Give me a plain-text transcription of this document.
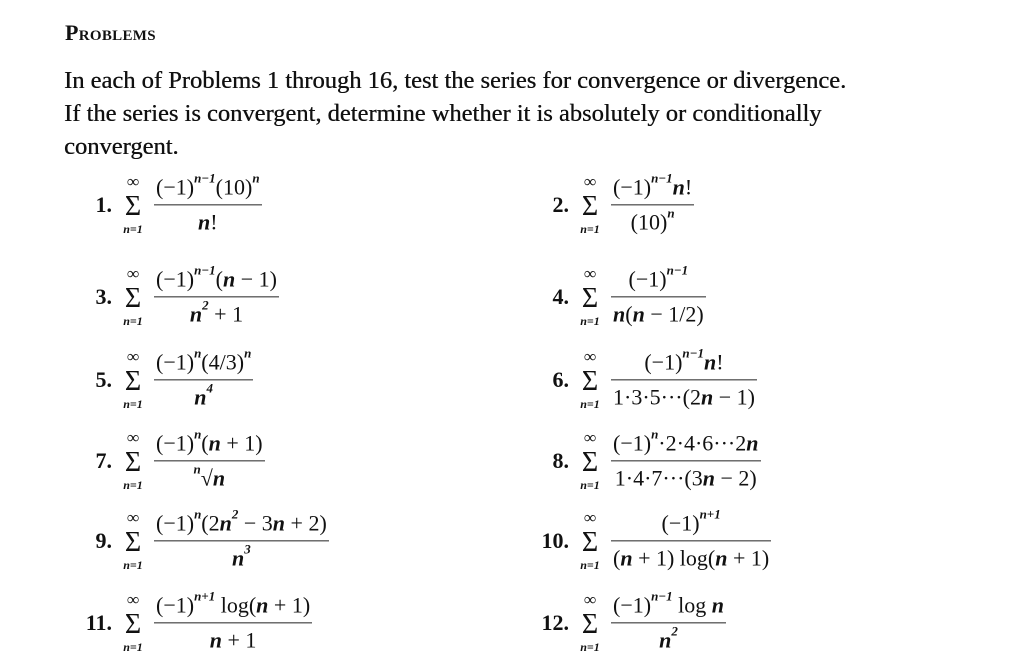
Problems
In each of Problems 1 through 16, test the series for convergence or divergence.
If the series is convergent, determine whether it is absolutely or conditionally
convergent.
1.
∞
Σ
n=1
$(-1)^{n-1}(10)^n$
n!
2.
∞
Σ
n=1
$(-1)^{n-1}n$!
$(10)^n$
3.
∞
Σ
n=1
$(-1)^{n-1}(n - 1)$
$n^2 + 1$
4.
∞
Σ
n=1
$(-1)^{n-1}$
n(n − 1/2)
5.
∞
Σ
n=1
$(-1)^n(4/3)^n$
$n^4$	6.
∞
Σ
n=1
$(-1)^{n-1}n$!
1·3·5···(2n − 1)
7.
∞
Σ
n=1
$(-1)^n(n + 1)$
$^n$√n
8.
∞
Σ
n=1
$(-1)^n\cdot 2\cdot 4\cdot 6\cdot\cdot\cdot 2n$
1·4·7···(3n − 2)
9.
∞
Σ
n=1
$(-1)^n(2n^2 - 3n + 2)$
$n^3$	10.
∞
Σ
n=1
$(-1)^{n+1}$
(n + 1) log(n + 1)
11.
∞
Σ
n=1
$(-1)^{n+1}$ log(n + 1)
n + 1
12.
∞
Σ
n=1
$(-1)^{n-1}$ log n
$n^2$
